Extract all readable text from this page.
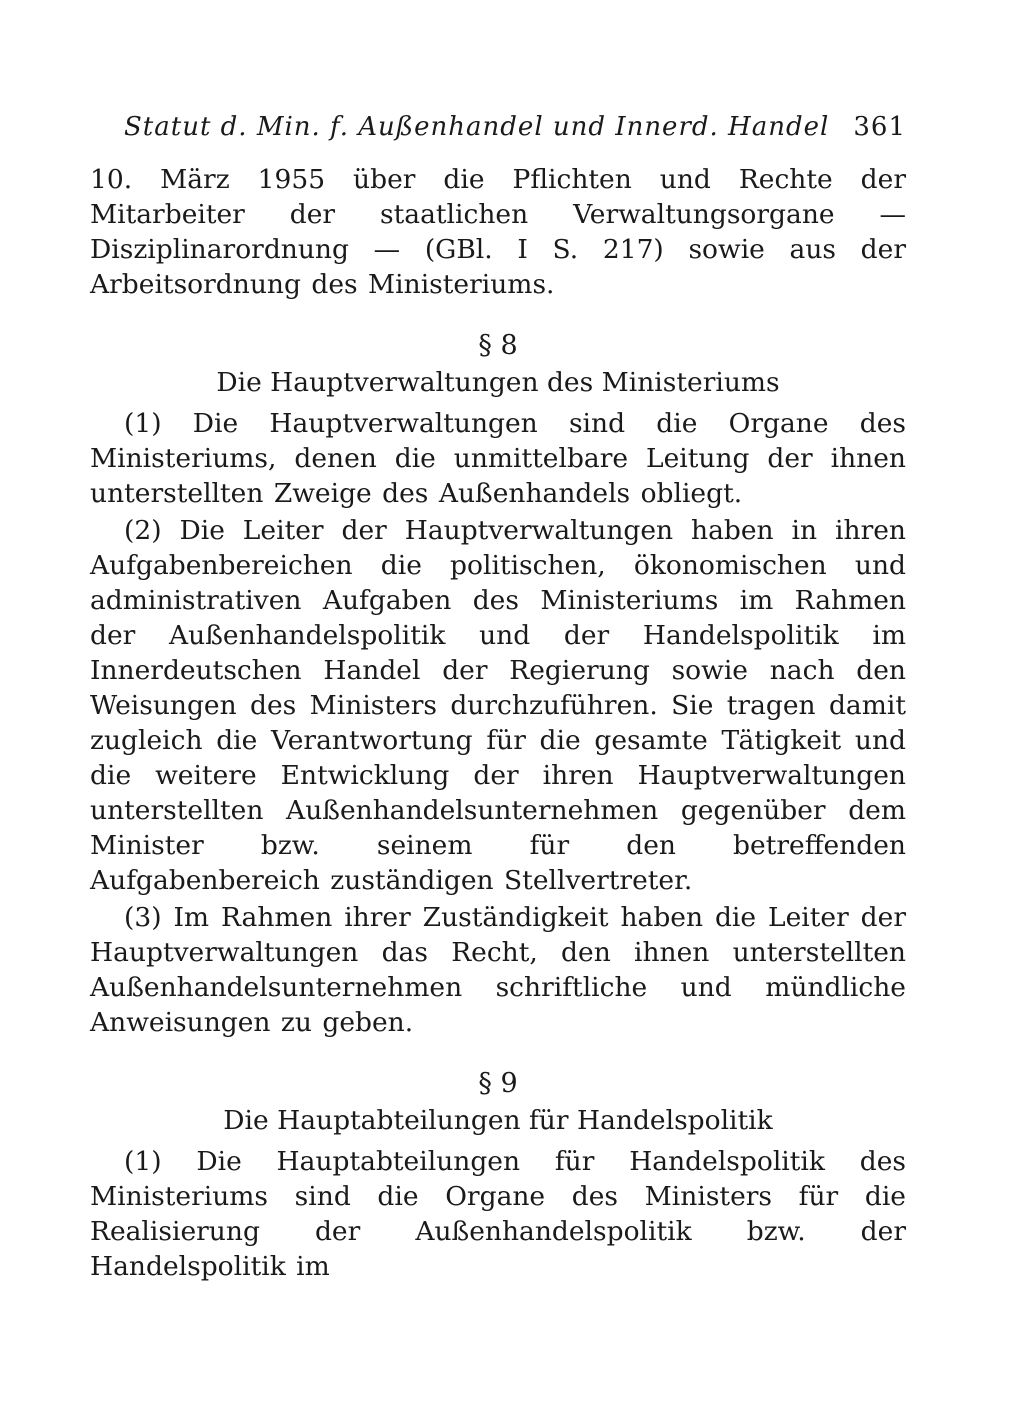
Statut d. Min. f. Außenhandel und Innerd. Handel 361

10. März 1955 über die Pflichten und Rechte der Mitarbeiter der staatlichen Verwaltungsorgane — Disziplinarordnung — (GBl. I S. 217) sowie aus der Arbeitsordnung des Ministeriums.

§ 8
Die Hauptverwaltungen des Ministeriums

(1) Die Hauptverwaltungen sind die Organe des Ministeriums, denen die unmittelbare Leitung der ihnen unterstellten Zweige des Außenhandels obliegt.

(2) Die Leiter der Hauptverwaltungen haben in ihren Aufgabenbereichen die politischen, ökonomischen und administrativen Aufgaben des Ministeriums im Rahmen der Außenhandelspolitik und der Handelspolitik im Innerdeutschen Handel der Regierung sowie nach den Weisungen des Ministers durchzuführen. Sie tragen damit zugleich die Verantwortung für die gesamte Tätigkeit und die weitere Entwicklung der ihren Hauptverwaltungen unterstellten Außenhandelsunternehmen gegenüber dem Minister bzw. seinem für den betreffenden Aufgabenbereich zuständigen Stellvertreter.

(3) Im Rahmen ihrer Zuständigkeit haben die Leiter der Hauptverwaltungen das Recht, den ihnen unterstellten Außenhandelsunternehmen schriftliche und mündliche Anweisungen zu geben.

§ 9
Die Hauptabteilungen für Handelspolitik

(1) Die Hauptabteilungen für Handelspolitik des Ministeriums sind die Organe des Ministers für die Realisierung der Außenhandelspolitik bzw. der Handelspolitik im
